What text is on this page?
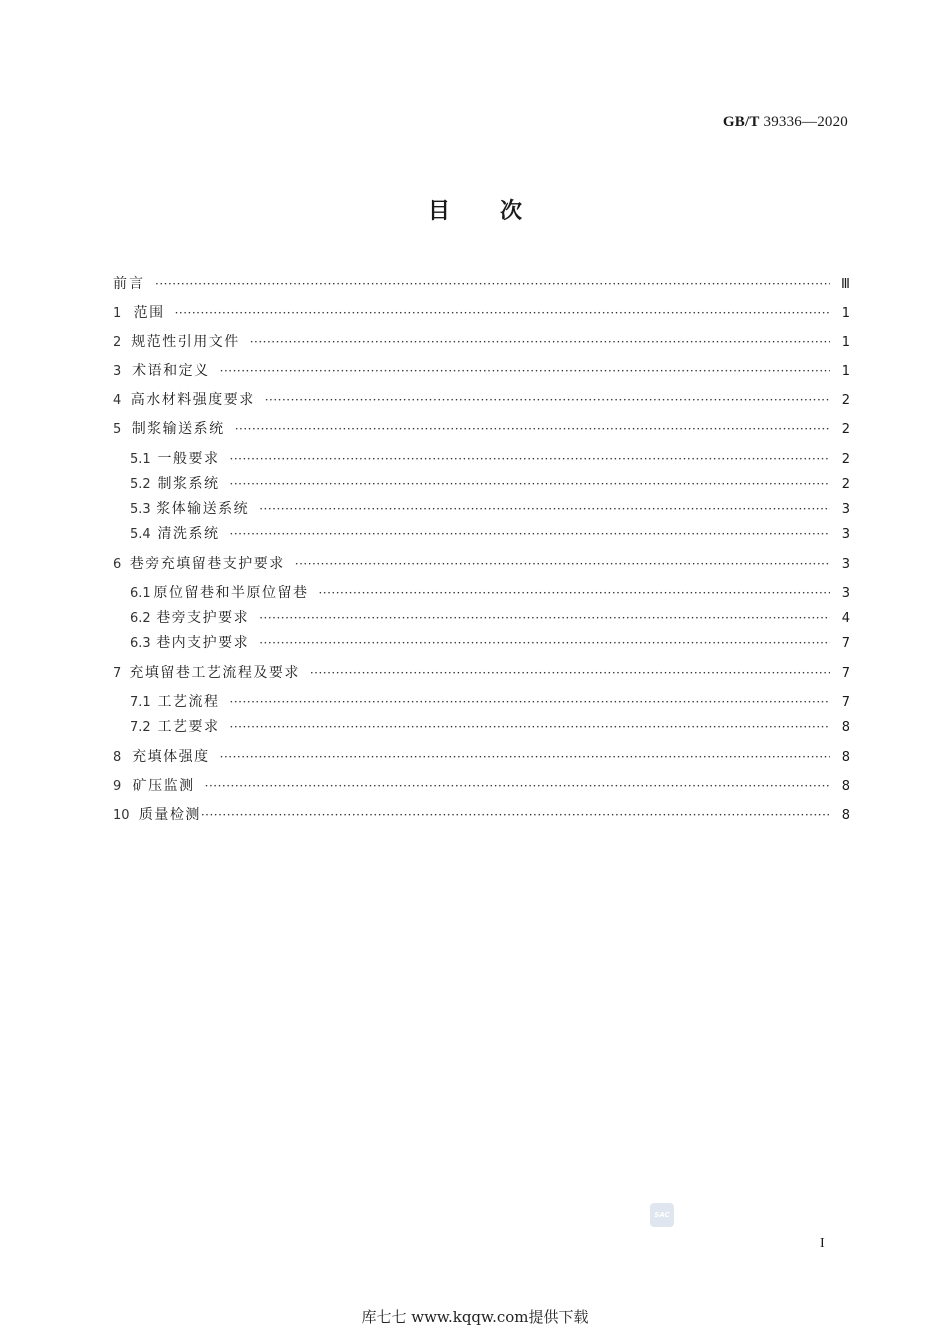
GB/T 39336—2020
目 次
前言 ·····	Ⅲ
1 范围 ·····	1
2 规范性引用文件 ·····	1
3 术语和定义 ·····	1
4 高水材料强度要求 ·····	2
5 制浆输送系统 ·····	2
5.1 一般要求 ·····	2
5.2 制浆系统 ·····	2
5.3 浆体输送系统 ·····	3
5.4 清洗系统 ·····	3
6 巷旁充填留巷支护要求 ·····	3
6.1 原位留巷和半原位留巷 ·····	3
6.2 巷旁支护要求 ·····	4
6.3 巷内支护要求 ·····	7
7 充填留巷工艺流程及要求 ·····	7
7.1 工艺流程 ·····	7
7.2 工艺要求 ·····	8
8 充填体强度 ·····	8
9 矿压监测 ·····	8
10 质量检测 ·····	8
SAC
I
库七七 www.kqqw.com提供下载
